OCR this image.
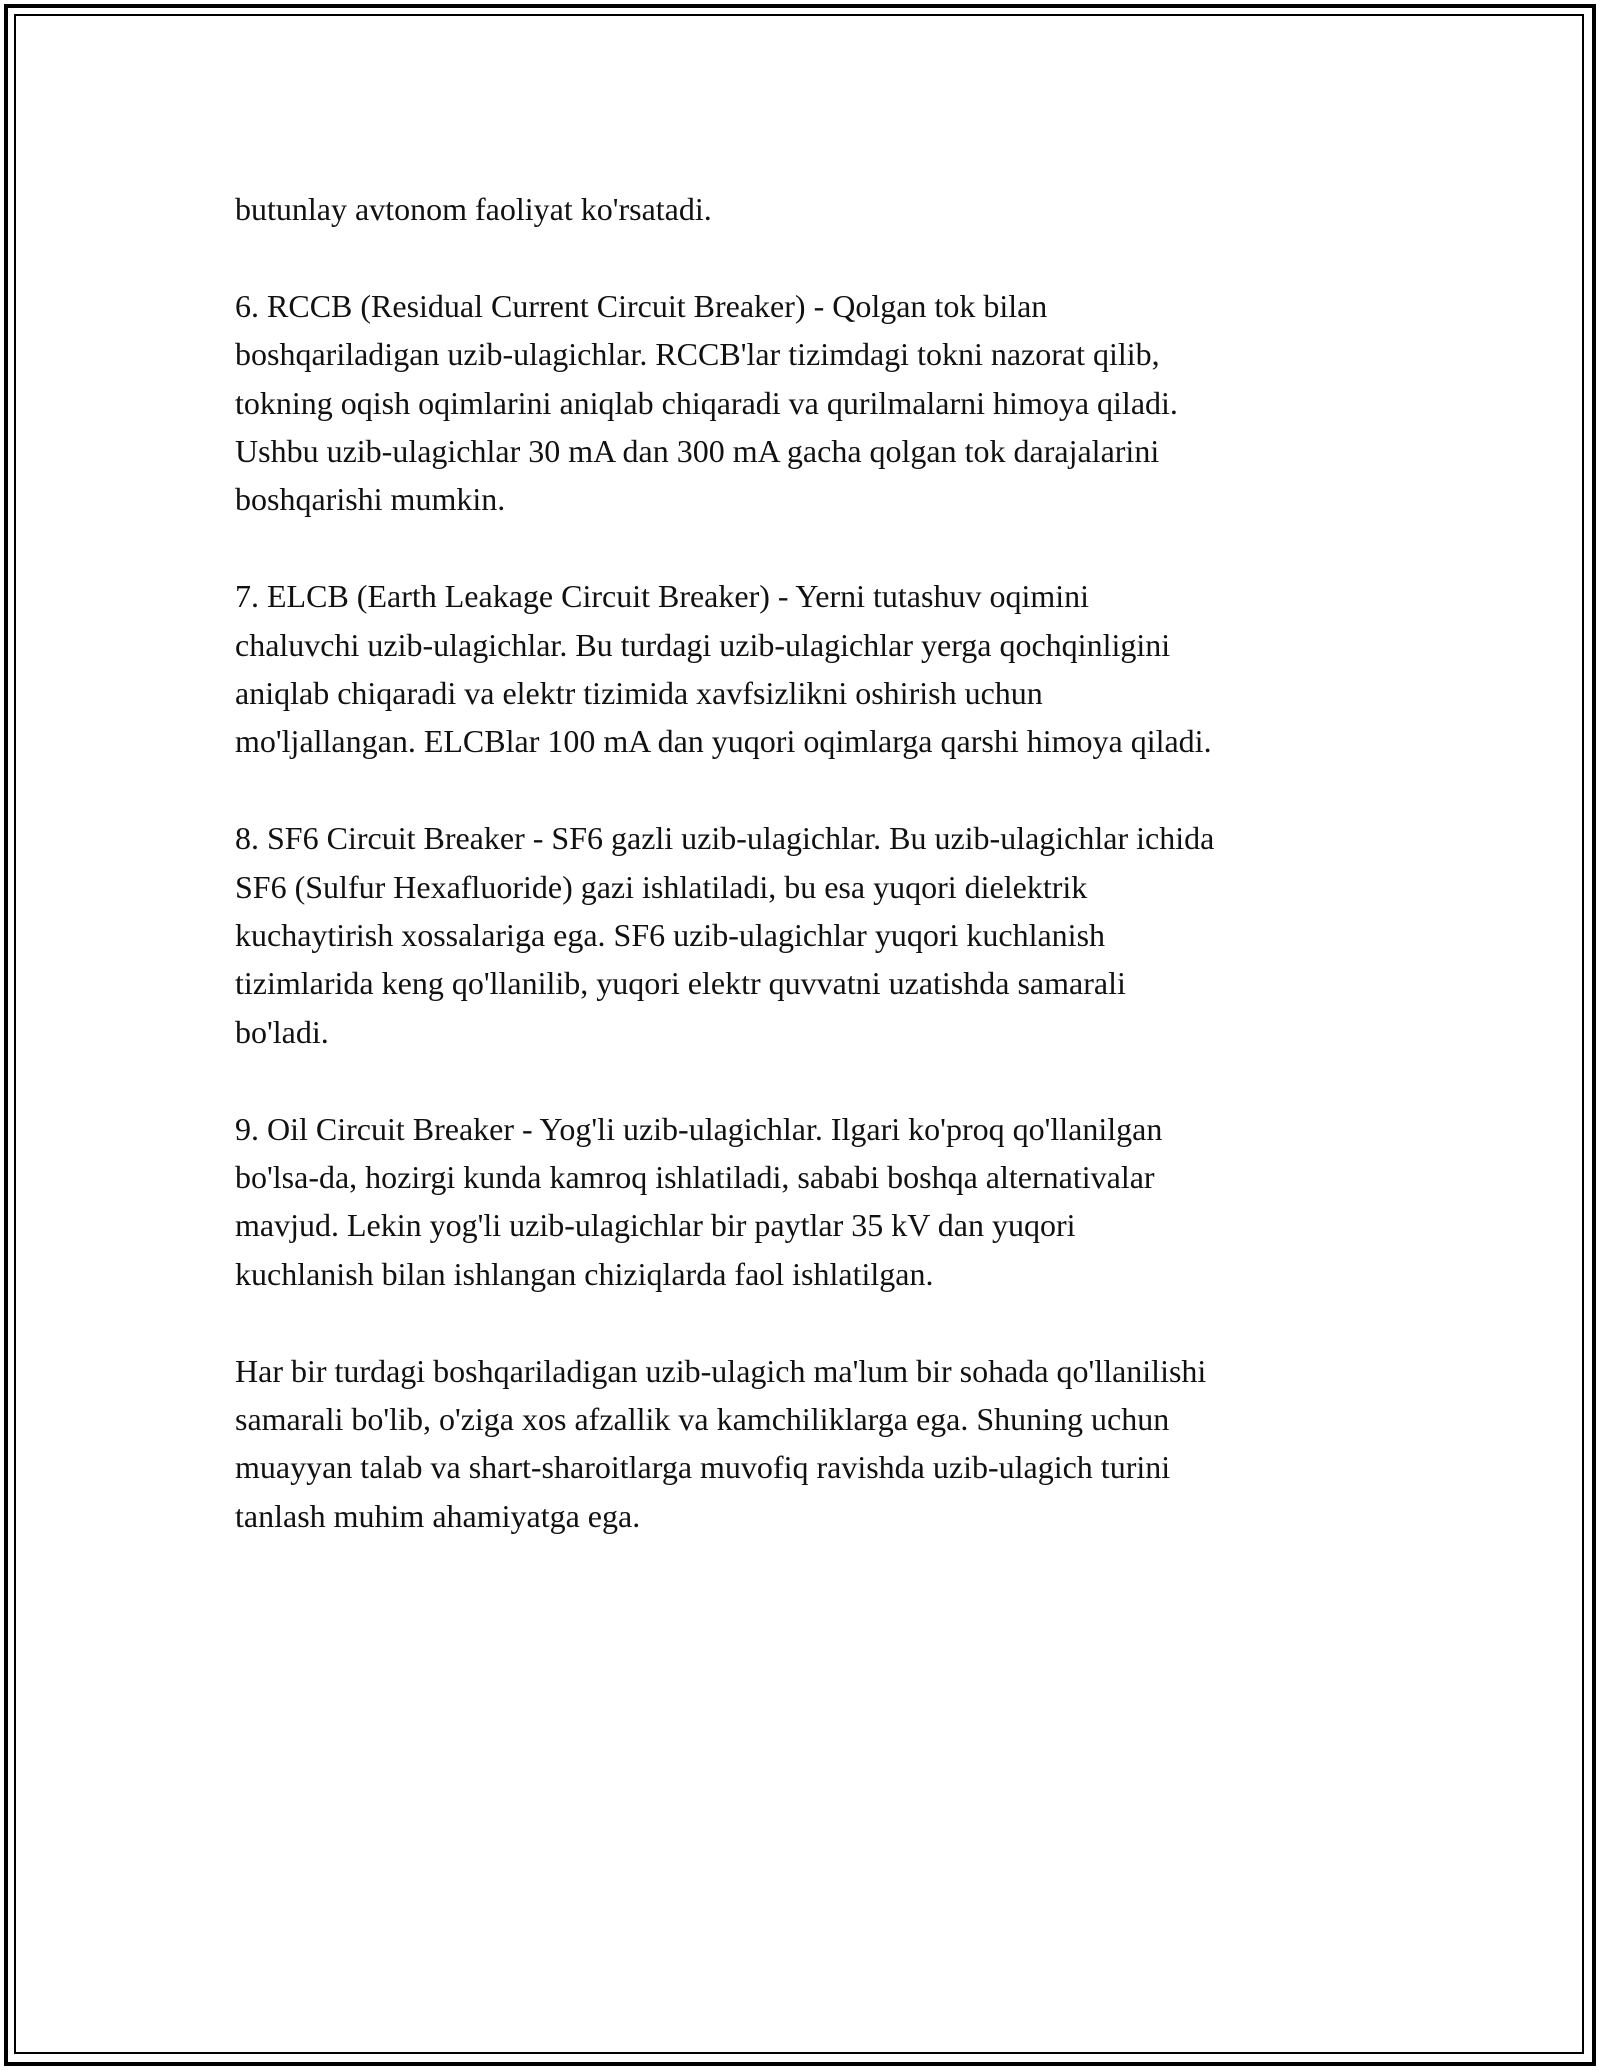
butunlay avtonom faoliyat ko'rsatadi.

6. RCCB (Residual Current Circuit Breaker) - Qolgan tok bilan
boshqariladigan uzib-ulagichlar. RCCB'lar tizimdagi tokni nazorat qilib,
tokning oqish oqimlarini aniqlab chiqaradi va qurilmalarni himoya qiladi.
Ushbu uzib-ulagichlar 30 mA dan 300 mA gacha qolgan tok darajalarini
boshqarishi mumkin.

7. ELCB (Earth Leakage Circuit Breaker) - Yerni tutashuv oqimini
chaluvchi uzib-ulagichlar. Bu turdagi uzib-ulagichlar yerga qochqinligini
aniqlab chiqaradi va elektr tizimida xavfsizlikni oshirish uchun
mo'ljallangan. ELCBlar 100 mA dan yuqori oqimlarga qarshi himoya qiladi.

8. SF6 Circuit Breaker - SF6 gazli uzib-ulagichlar. Bu uzib-ulagichlar ichida
SF6 (Sulfur Hexafluoride) gazi ishlatiladi, bu esa yuqori dielektrik
kuchaytirish xossalariga ega. SF6 uzib-ulagichlar yuqori kuchlanish
tizimlarida keng qo'llanilib, yuqori elektr quvvatni uzatishda samarali
bo'ladi.

9. Oil Circuit Breaker - Yog'li uzib-ulagichlar. Ilgari ko'proq qo'llanilgan
bo'lsa-da, hozirgi kunda kamroq ishlatiladi, sababi boshqa alternativalar
mavjud. Lekin yog'li uzib-ulagichlar bir paytlar 35 kV dan yuqori
kuchlanish bilan ishlangan chiziqlarda faol ishlatilgan.

Har bir turdagi boshqariladigan uzib-ulagich ma'lum bir sohada qo'llanilishi
samarali bo'lib, o'ziga xos afzallik va kamchiliklarga ega. Shuning uchun
muayyan talab va shart-sharoitlarga muvofiq ravishda uzib-ulagich turini
tanlash muhim ahamiyatga ega.
